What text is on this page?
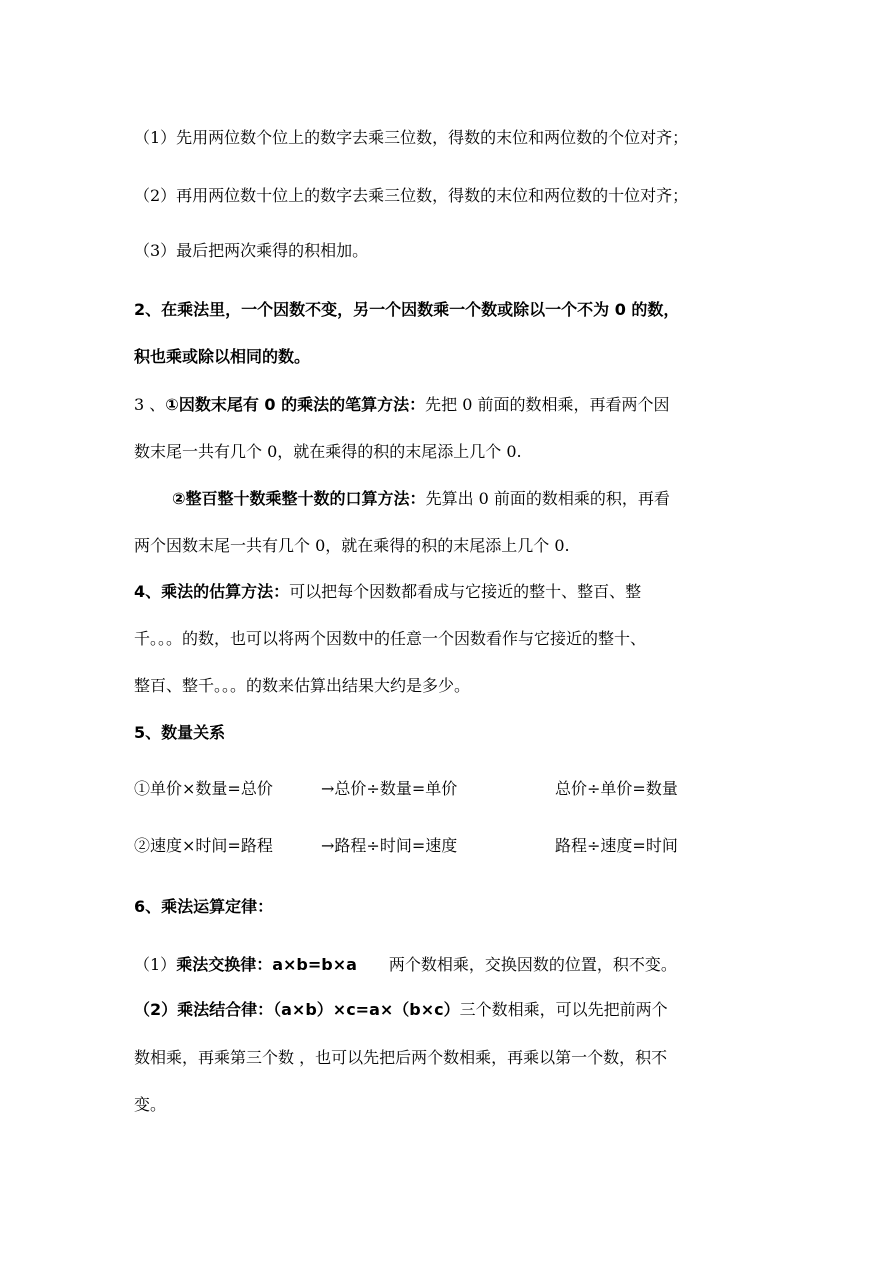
（1）先用两位数个位上的数字去乘三位数，得数的末位和两位数的个位对齐；
（2）再用两位数十位上的数字去乘三位数，得数的末位和两位数的十位对齐；
（3）最后把两次乘得的积相加。
2、在乘法里，一个因数不变，另一个因数乘一个数或除以一个不为 0 的数，
积也乘或除以相同的数。
3 、①因数末尾有 0 的乘法的笔算方法：先把 0 前面的数相乘，再看两个因
数末尾一共有几个 0，就在乘得的积的末尾添上几个 0.
②整百整十数乘整十数的口算方法：先算出 0 前面的数相乘的积，再看
两个因数末尾一共有几个 0，就在乘得的积的末尾添上几个 0.
4、乘法的估算方法：可以把每个因数都看成与它接近的整十、整百、整
千。。。的数，也可以将两个因数中的任意一个因数看作与它接近的整十、
整百、整千。。。的数来估算出结果大约是多少。
5、数量关系
①单价×数量=总价	→总价÷数量=单价	总价÷单价=数量
②速度×时间=路程	→路程÷时间=速度	路程÷速度=时间
6、乘法运算定律：
（1）乘法交换律：a×b=b×a 两个数相乘，交换因数的位置，积不变。
（2）乘法结合律：（a×b）×c=a×（b×c）三个数相乘，可以先把前两个
数相乘，再乘第三个数 ，也可以先把后两个数相乘，再乘以第一个数，积不
变。
